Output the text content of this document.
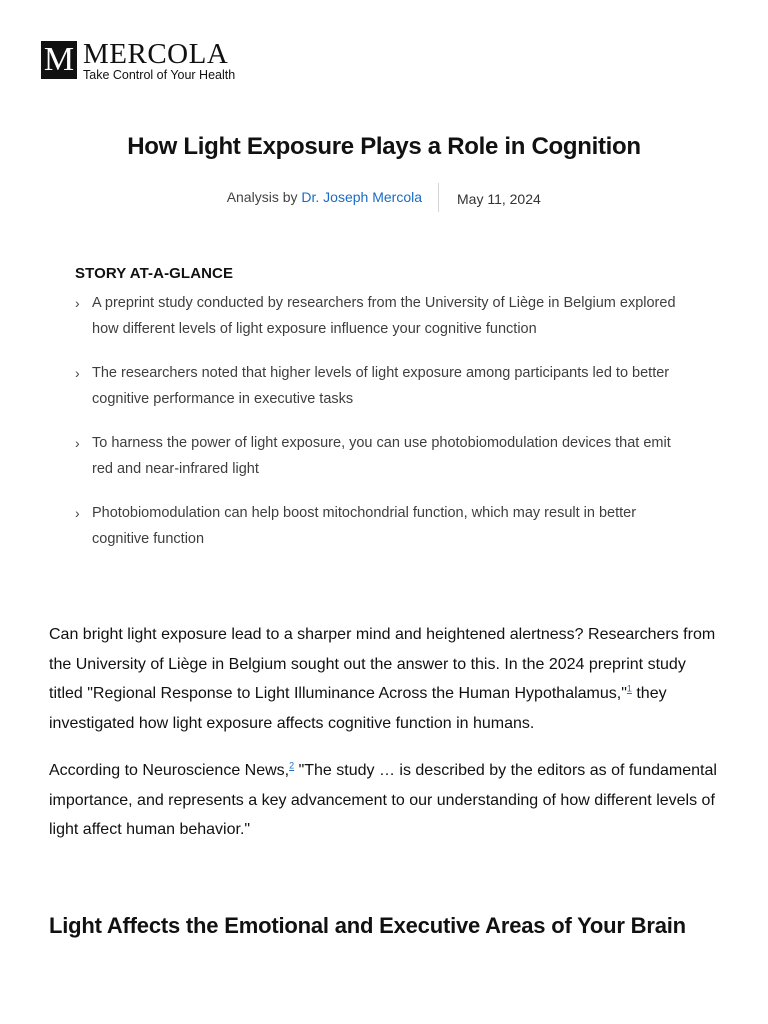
M MERCOLA
Take Control of Your Health
How Light Exposure Plays a Role in Cognition
Analysis by Dr. Joseph Mercola	May 11, 2024
STORY AT-A-GLANCE
› A preprint study conducted by researchers from the University of Liège in Belgium explored how different levels of light exposure influence your cognitive function
› The researchers noted that higher levels of light exposure among participants led to better cognitive performance in executive tasks
› To harness the power of light exposure, you can use photobiomodulation devices that emit red and near-infrared light
› Photobiomodulation can help boost mitochondrial function, which may result in better cognitive function

Can bright light exposure lead to a sharper mind and heightened alertness? Researchers from the University of Liège in Belgium sought out the answer to this. In the 2024 preprint study titled "Regional Response to Light Illuminance Across the Human Hypothalamus,"$^1$ they investigated how light exposure affects cognitive function in humans.

According to Neuroscience News,$^2$ "The study … is described by the editors as of fundamental importance, and represents a key advancement to our understanding of how different levels of light affect human behavior."

Light Affects the Emotional and Executive Areas of Your Brain
